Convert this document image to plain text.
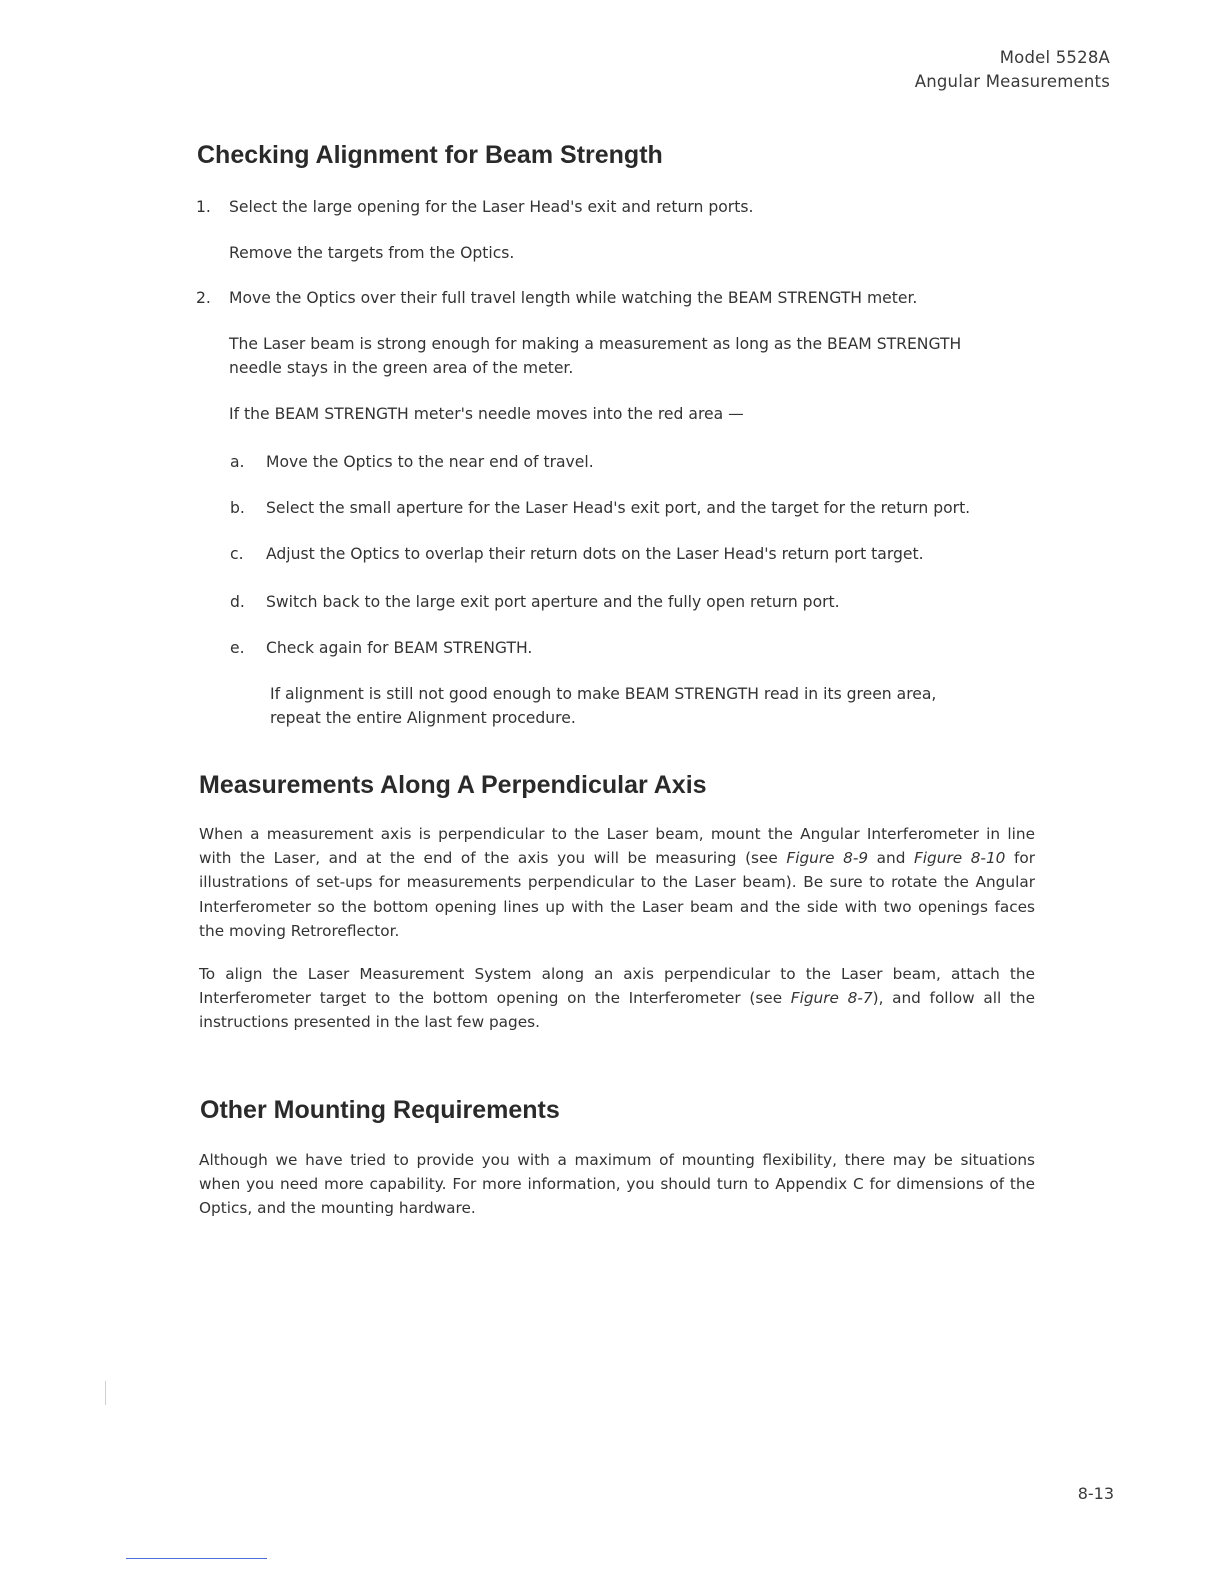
Model 5528A
Angular Measurements
Checking Alignment for Beam Strength
1. Select the large opening for the Laser Head's exit and return ports.

Remove the targets from the Optics.

2. Move the Optics over their full travel length while watching the BEAM STRENGTH meter.

The Laser beam is strong enough for making a measurement as long as the BEAM STRENGTH

needle stays in the green area of the meter.

If the BEAM STRENGTH meter's needle moves into the red area —

a. Move the Optics to the near end of travel.

b. Select the small aperture for the Laser Head's exit port, and the target for the return port.

c. Adjust the Optics to overlap their return dots on the Laser Head's return port target.

d. Switch back to the large exit port aperture and the fully open return port.

e. Check again for BEAM STRENGTH.

If alignment is still not good enough to make BEAM STRENGTH read in its green area,

repeat the entire Alignment procedure.

Measurements Along A Perpendicular Axis

When a measurement axis is perpendicular to the Laser beam, mount the Angular Interferometer in line with the Laser, and at the end of the axis you will be measuring (see Figure 8-9 and Figure 8-10 for illustrations of set-ups for measurements perpendicular to the Laser beam). Be sure to rotate the Angular Interferometer so the bottom opening lines up with the Laser beam and the side with two openings faces the moving Retroreflector.

To align the Laser Measurement System along an axis perpendicular to the Laser beam, attach the Interferometer target to the bottom opening on the Interferometer (see Figure 8-7), and follow all the instructions presented in the last few pages.

Other Mounting Requirements

Although we have tried to provide you with a maximum of mounting flexibility, there may be situations when you need more capability. For more information, you should turn to Appendix C for dimensions of the Optics, and the mounting hardware.

8-13
